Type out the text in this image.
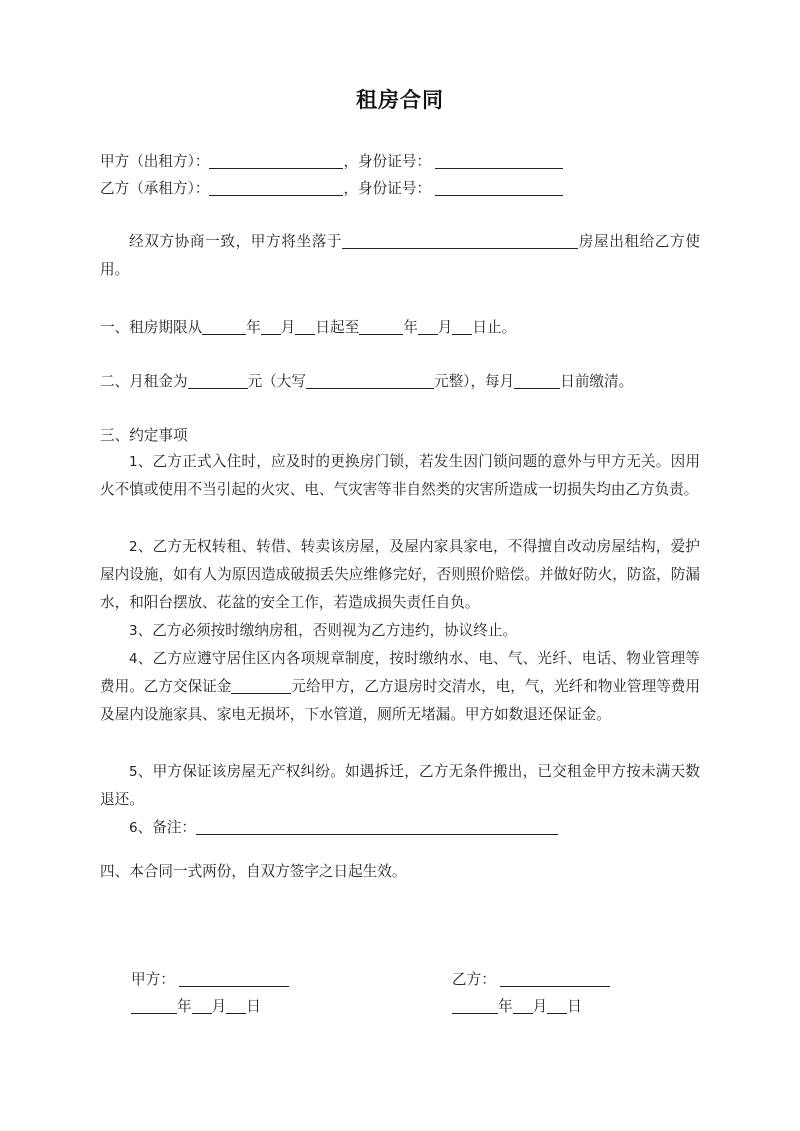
租房合同
甲方（出租方）：	，身份证号：
乙方（承租方）：	，身份证号：
经双方协商一致，甲方将坐落于	房屋出租给乙方使用。
一、租房期限从	年 月 日起至	年 月 日止。
二、月租金为	元（大写	元整），每月	日前缴清。
三、约定事项
1、乙方正式入住时，应及时的更换房门锁，若发生因门锁问题的意外与甲方无关。因用火不慎或使用不当引起的火灾、电、气灾害等非自然类的灾害所造成一切损失均由乙方负责。
2、乙方无权转租、转借、转卖该房屋，及屋内家具家电，不得擅自改动房屋结构，爱护屋内设施，如有人为原因造成破损丢失应维修完好，否则照价赔偿。并做好防火，防盗，防漏水，和阳台摆放、花盆的安全工作，若造成损失责任自负。
3、乙方必须按时缴纳房租，否则视为乙方违约，协议终止。
4、乙方应遵守居住区内各项规章制度，按时缴纳水、电、气、光纤、电话、物业管理等费用。乙方交保证金	元给甲方，乙方退房时交清水，电，气，光纤和物业管理等费用及屋内设施家具、家电无损坏，下水管道，厕所无堵漏。甲方如数退还保证金。
5、甲方保证该房屋无产权纠纷。如遇拆迁，乙方无条件搬出，已交租金甲方按未满天数退还。
6、备注：
四、本合同一式两份，自双方签字之日起生效。
甲方：
年 月 日
乙方：
年 月 日
